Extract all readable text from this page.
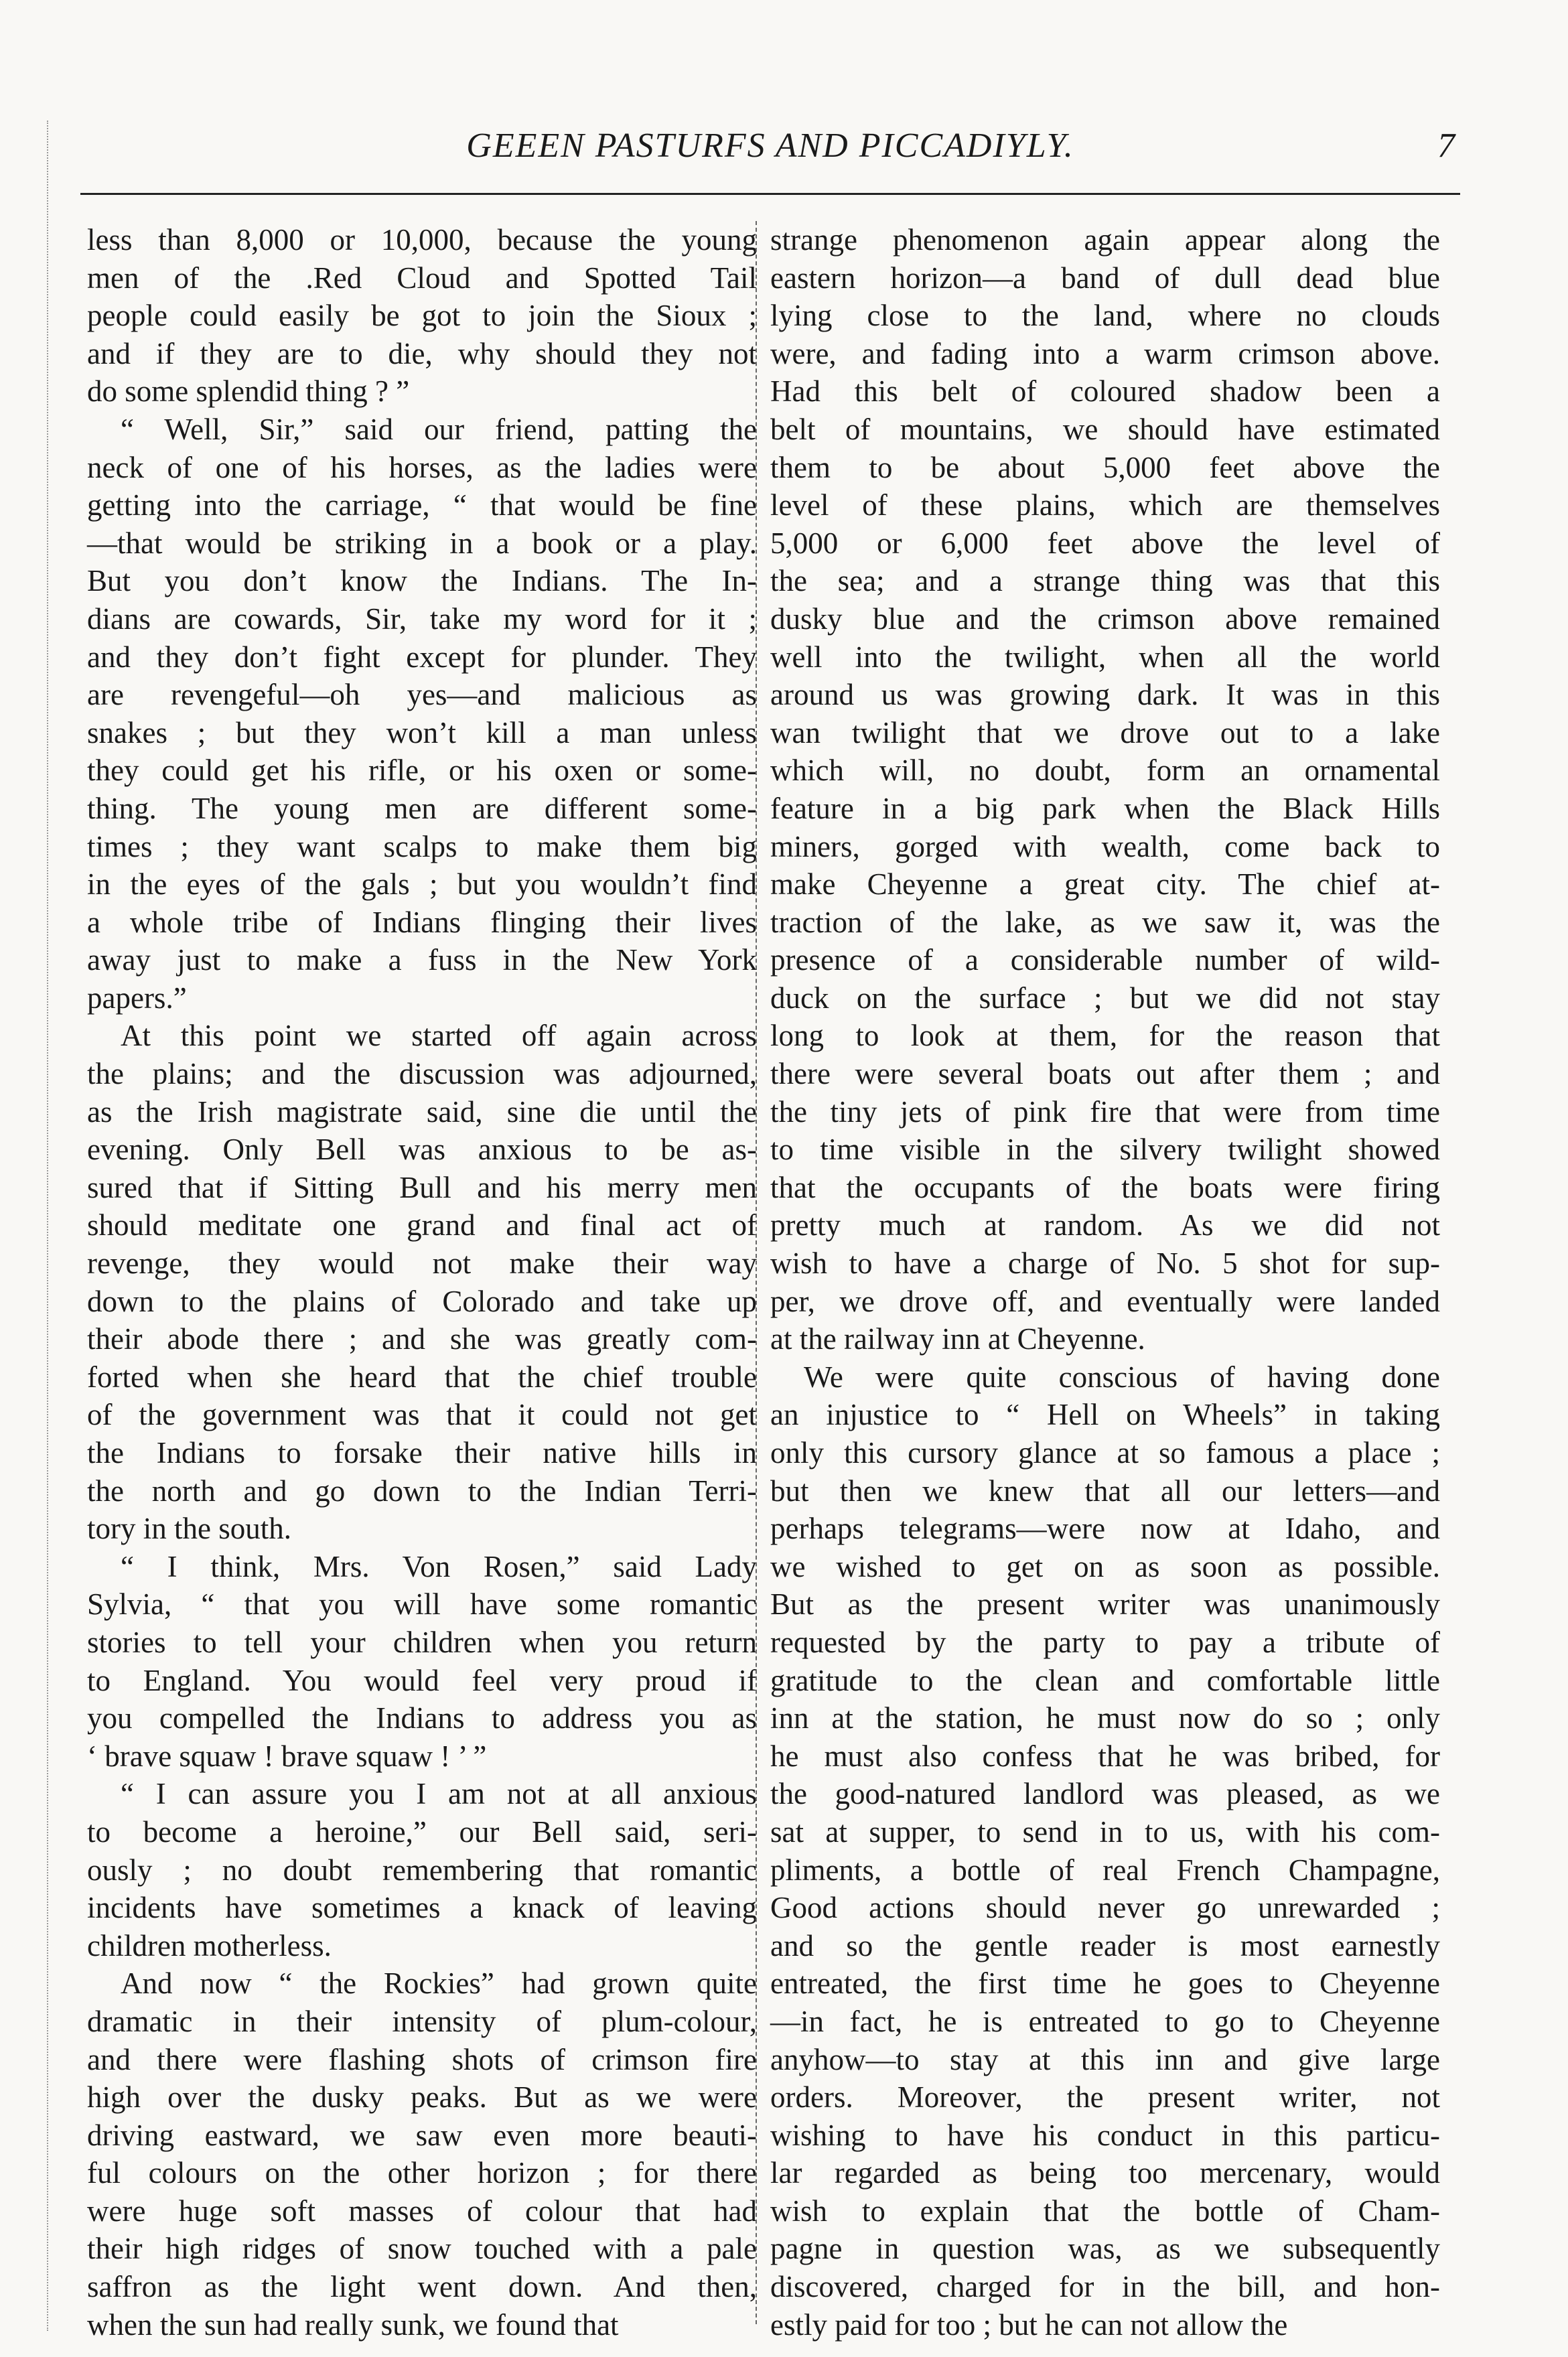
GEEEN PASTURFS AND PICCADIYLY.	7
less than 8,000 or 10,000, because the young
men of the .Red Cloud and Spotted Tail
people could easily be got to join the Sioux ;
and if they are to die, why should they not
do some splendid thing ? ”
“ Well, Sir,” said our friend, patting the
neck of one of his horses, as the ladies were
getting into the carriage, “ that would be fine
—that would be striking in a book or a play.
But you don’t know the Indians. The In-
dians are cowards, Sir, take my word for it ;
and they don’t fight except for plunder. They
are revengeful—oh yes—and malicious as
snakes ; but they won’t kill a man unless
they could get his rifle, or his oxen or some-
thing. The young men are different some-
times ; they want scalps to make them big
in the eyes of the gals ; but you wouldn’t find
a whole tribe of Indians flinging their lives
away just to make a fuss in the New York
papers.”
At this point we started off again across
the plains; and the discussion was adjourned,
as the Irish magistrate said, sine die until the
evening. Only Bell was anxious to be as-
sured that if Sitting Bull and his merry men
should meditate one grand and final act of
revenge, they would not make their way
down to the plains of Colorado and take up
their abode there ; and she was greatly com-
forted when she heard that the chief trouble
of the government was that it could not get
the Indians to forsake their native hills in
the north and go down to the Indian Terri-
tory in the south.
“ I think, Mrs. Von Rosen,” said Lady
Sylvia, “ that you will have some romantic
stories to tell your children when you return
to England. You would feel very proud if
you compelled the Indians to address you as
‘ brave squaw ! brave squaw ! ’ ”
“ I can assure you I am not at all anxious
to become a heroine,” our Bell said, seri-
ously ; no doubt remembering that romantic
incidents have sometimes a knack of leaving
children motherless.
And now “ the Rockies” had grown quite
dramatic in their intensity of plum-colour,
and there were flashing shots of crimson fire
high over the dusky peaks. But as we were
driving eastward, we saw even more beauti-
ful colours on the other horizon ; for there
were huge soft masses of colour that had
their high ridges of snow touched with a pale
saffron as the light went down. And then,
when the sun had really sunk, we found that
strange phenomenon again appear along the
eastern horizon—a band of dull dead blue
lying close to the land, where no clouds
were, and fading into a warm crimson above.
Had this belt of coloured shadow been a
belt of mountains, we should have estimated
them to be about 5,000 feet above the
level of these plains, which are themselves
5,000 or 6,000 feet above the level of
the sea; and a strange thing was that this
dusky blue and the crimson above remained
well into the twilight, when all the world
around us was growing dark. It was in this
wan twilight that we drove out to a lake
which will, no doubt, form an ornamental
feature in a big park when the Black Hills
miners, gorged with wealth, come back to
make Cheyenne a great city. The chief at-
traction of the lake, as we saw it, was the
presence of a considerable number of wild-
duck on the surface ; but we did not stay
long to look at them, for the reason that
there were several boats out after them ; and
the tiny jets of pink fire that were from time
to time visible in the silvery twilight showed
that the occupants of the boats were firing
pretty much at random. As we did not
wish to have a charge of No. 5 shot for sup-
per, we drove off, and eventually were landed
at the railway inn at Cheyenne.
We were quite conscious of having done
an injustice to “ Hell on Wheels” in taking
only this cursory glance at so famous a place ;
but then we knew that all our letters—and
perhaps telegrams—were now at Idaho, and
we wished to get on as soon as possible.
But as the present writer was unanimously
requested by the party to pay a tribute of
gratitude to the clean and comfortable little
inn at the station, he must now do so ; only
he must also confess that he was bribed, for
the good-natured landlord was pleased, as we
sat at supper, to send in to us, with his com-
pliments, a bottle of real French Champagne,
Good actions should never go unrewarded ;
and so the gentle reader is most earnestly
entreated, the first time he goes to Cheyenne
—in fact, he is entreated to go to Cheyenne
anyhow—to stay at this inn and give large
orders. Moreover, the present writer, not
wishing to have his conduct in this particu-
lar regarded as being too mercenary, would
wish to explain that the bottle of Cham-
pagne in question was, as we subsequently
discovered, charged for in the bill, and hon-
estly paid for too ; but he can not allow the
